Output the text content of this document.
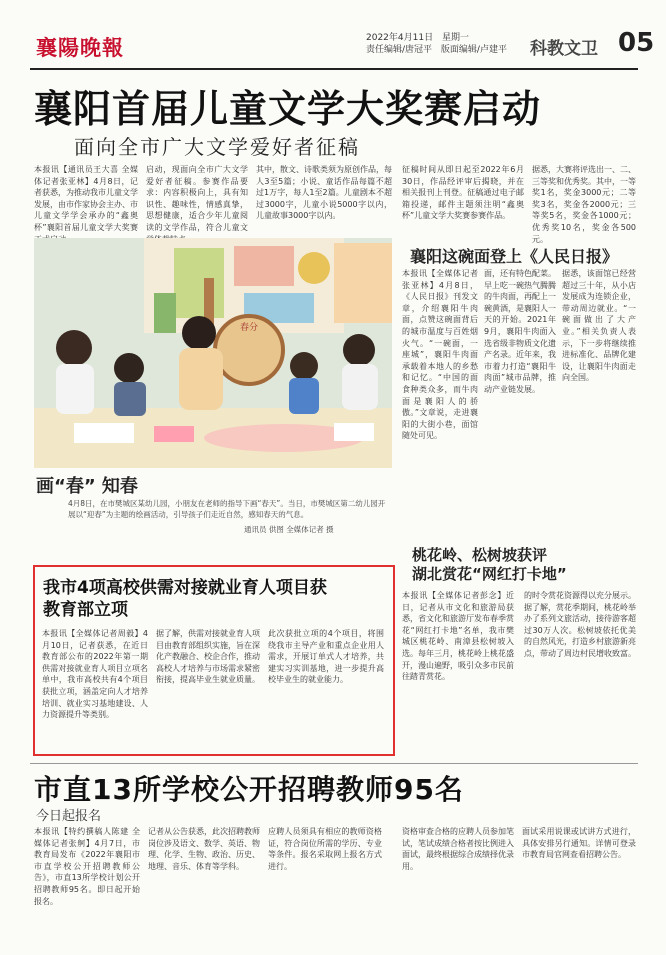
襄陽晚報	2022年4月11日 星期一
责任编辑/唐冠平 版面编辑/卢建平	科教文卫 05
襄阳首届儿童文学大奖赛启动
面向全市广大文学爱好者征稿
本报讯【通讯员王大喜 全媒体记者张亚林】4月8日，记者获悉，为推动我市儿童文学发展，由市作家协会主办、市儿童文学学会承办的“鑫奥杯”襄阳首届儿童文学大奖赛
启动，现面向全市广大文学爱好者征稿。参赛作品要求：内容积极向上，具有知识性、趣味性，情感真挚，思想健康，适合少年儿童阅读的文学作品，符合儿童文
其中，散文、诗歌类须为原创作品，每人3至5篇；小说、童话作品每篇不超过1万字，每人1至2篇。儿童剧本不超过3000字，儿童小说5000字以内，儿童故事3000字以内。
征稿时间从即日起至2022年6月30日，作品经评审后揭晓，并在相关报刊上刊登。征稿通过电子邮箱投递，邮件主题须注明“鑫奥杯”儿童文学大奖赛参赛作品。
据悉，大赛将评选出一、二、三等奖和优秀奖。其中，一等奖1名，奖金3000元；二等奖3名，奖金各2000元；三等奖5名，奖金各1000元；优秀奖10名，奖金各500元。
春分
画“春” 知春
4月8日，在市樊城区某幼儿园，小朋友在老师的指导下画“春天”。当日，市樊城区第二幼儿园开展以“迎春”为主题的绘画活动，引导孩子们走近自然，感知春天的气息。
通讯员 供图 全媒体记者 摄
襄阳这碗面登上《人民日报》
本报讯【全媒体记者张亚林】4月8日，《人民日报》刊发文章，介绍襄阳牛肉面，点赞这碗面背后的城市温度与百姓烟火气。“一碗面，一座城”，襄阳牛肉面承载着本地人的乡愁和记忆。“中国的面食种类众多，而牛肉面是襄阳人的骄傲。”文章说，走进襄阳的大街小巷，面馆随处可见。
面，还有特色配菜。早上吃一碗热气腾腾的牛肉面，再配上一碗黄酒，是襄阳人一天的开始。2021年9月，襄阳牛肉面入选省级非物质文化遗产名录。近年来，我市着力打造“襄阳牛肉面”城市品牌，推动产业链发展。
据悉，该面馆已经营超过三十年，从小店发展成为连锁企业，带动周边就业。“一碗面做出了大产业。”相关负责人表示，下一步将继续推进标准化、品牌化建设，让襄阳牛肉面走向全国。
桃花岭、松树坡获评
湖北赏花“网红打卡地”
本报讯【全媒体记者彭念】近日，记者从市文化和旅游局获悉，省文化和旅游厅发布春季赏花“网红打卡地”名单，我市樊城区桃花岭、南漳县松树坡入选。每年三月，桃花岭上桃花盛开，漫山遍野，吸引众多市民前往踏青赏花。
的时令赏花资源得以充分展示。据了解，赏花季期间，桃花岭举办了系列文旅活动，接待游客超过30万人次。松树坡依托优美的自然风光，打造乡村旅游新亮点，带动了周边村民增收致富。
我市4项高校供需对接就业育人项目获教育部立项
本报讯【全媒体记者周毅】4月10日，记者获悉，在近日教育部公布的2022年第一期供需对接就业育人项目立项名单中，我市高校共有4个项目获批立项，涵盖定向人才培养培训、就业实习基地建设、人力资源提升等类别。
据了解，供需对接就业育人项目由教育部组织实施，旨在深化产教融合、校企合作，推动高校人才培养与市场需求紧密衔接，提高毕业生就业质量。
此次获批立项的4个项目，将围绕我市主导产业和重点企业用人需求，开展订单式人才培养，共建实习实训基地，进一步提升高校毕业生的就业能力。
市直13所学校公开招聘教师95名
今日起报名
本报讯【特约撰稿人陈建 全媒体记者张舸】4月7日，市教育局发布《2022年襄阳市市直学校公开招聘教师公告》，市直13所学校计划公开招聘教师95名。即日起开始报名。
记者从公告获悉，此次招聘教师岗位涉及语文、数学、英语、物理、化学、生物、政治、历史、地理、音乐、体育等学科。
应聘人员须具有相应的教师资格证，符合岗位所需的学历、专业等条件。报名采取网上报名方式进行。
资格审查合格的应聘人员参加笔试，笔试成绩合格者按比例进入面试，最终根据综合成绩择优录用。
面试采用说课或试讲方式进行，具体安排另行通知。详情可登录市教育局官网查看招聘公告。
